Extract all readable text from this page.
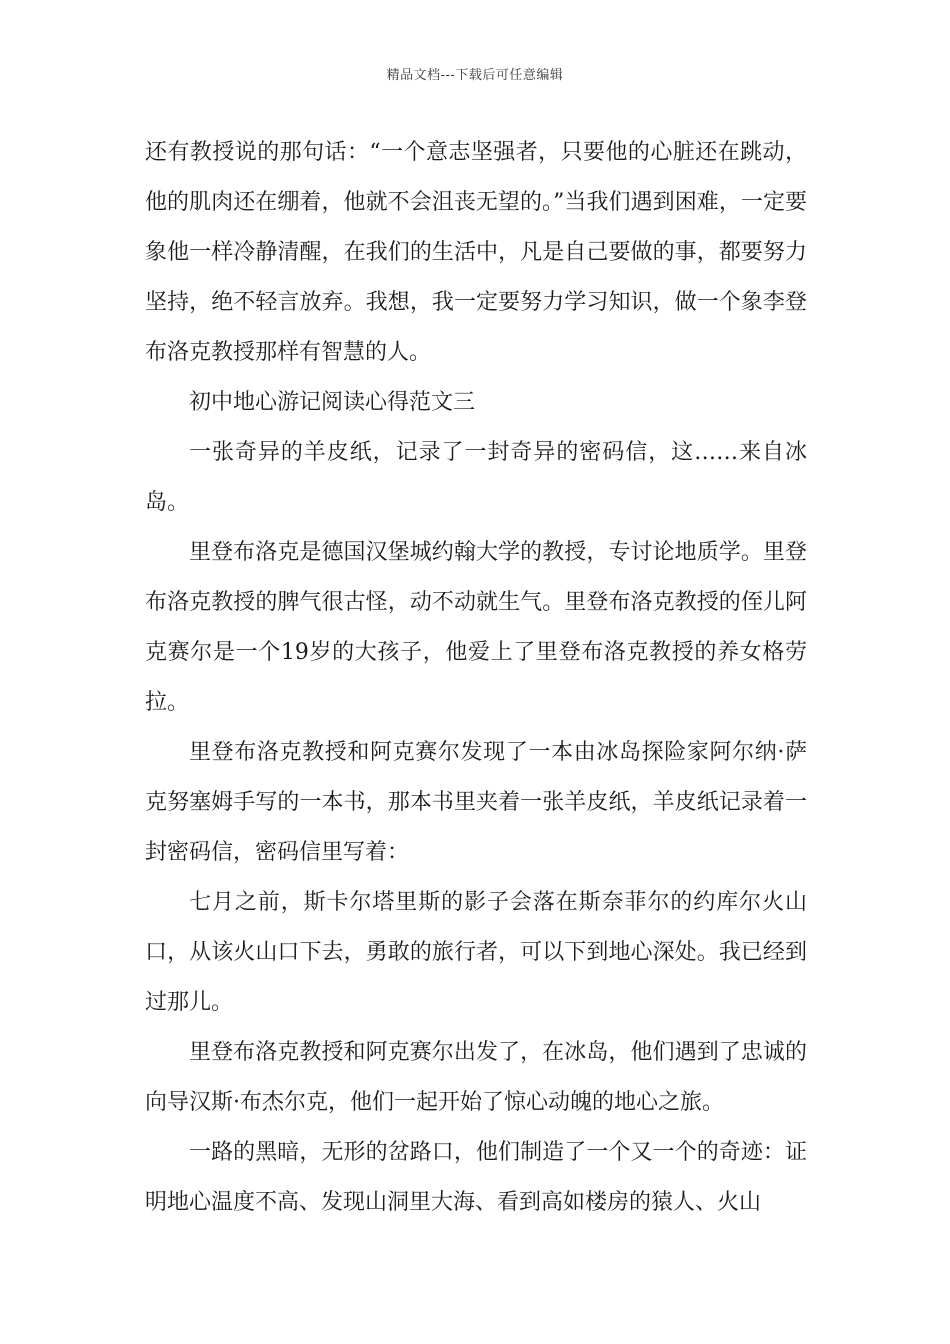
精品文档---下载后可任意编辑

还有教授说的那句话：“一个意志坚强者，只要他的心脏还在跳动，他的肌肉还在绷着，他就不会沮丧无望的。”当我们遇到困难，一定要象他一样冷静清醒，在我们的生活中，凡是自己要做的事，都要努力坚持，绝不轻言放弃。我想，我一定要努力学习知识，做一个象李登布洛克教授那样有智慧的人。

初中地心游记阅读心得范文三

一张奇异的羊皮纸，记录了一封奇异的密码信，这……来自冰岛。

里登布洛克是德国汉堡城约翰大学的教授，专讨论地质学。里登布洛克教授的脾气很古怪，动不动就生气。里登布洛克教授的侄儿阿克赛尔是一个19岁的大孩子，他爱上了里登布洛克教授的养女格劳拉。

里登布洛克教授和阿克赛尔发现了一本由冰岛探险家阿尔纳·萨克努塞姆手写的一本书，那本书里夹着一张羊皮纸，羊皮纸记录着一封密码信，密码信里写着：

七月之前，斯卡尔塔里斯的影子会落在斯奈菲尔的约库尔火山口，从该火山口下去，勇敢的旅行者，可以下到地心深处。我已经到过那儿。

里登布洛克教授和阿克赛尔出发了，在冰岛，他们遇到了忠诚的向导汉斯·布杰尔克，他们一起开始了惊心动魄的地心之旅。

一路的黑暗，无形的岔路口，他们制造了一个又一个的奇迹：证明地心温度不高、发现山洞里大海、看到高如楼房的猿人、火山
